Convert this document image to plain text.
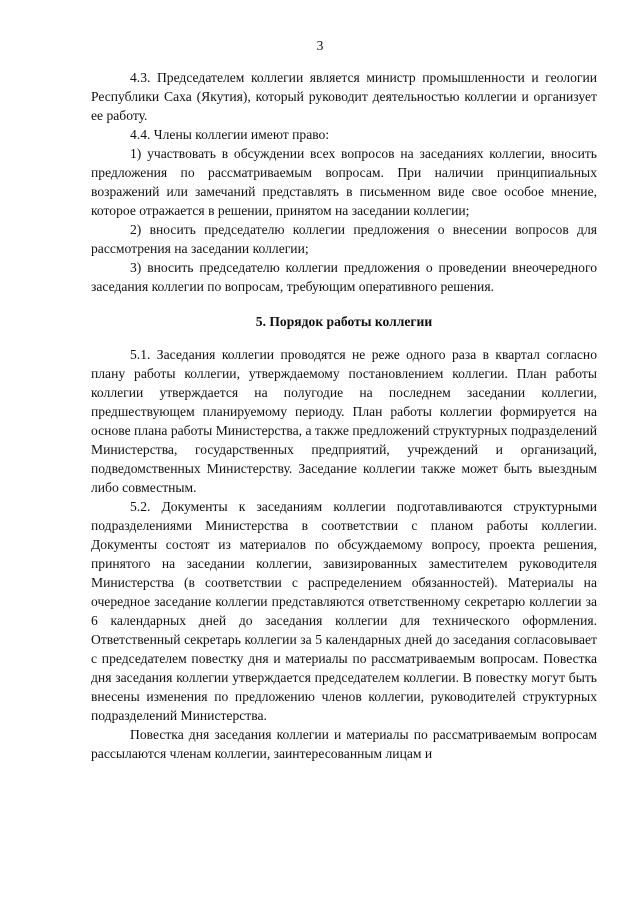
3

4.3. Председателем коллегии является министр промышленности и геологии Республики Саха (Якутия), который руководит деятельностью коллегии и организует ее работу.

4.4. Члены коллегии имеют право:

1) участвовать в обсуждении всех вопросов на заседаниях коллегии, вносить предложения по рассматриваемым вопросам. При наличии принципиальных возражений или замечаний представлять в письменном виде свое особое мнение, которое отражается в решении, принятом на заседании коллегии;

2) вносить председателю коллегии предложения о внесении вопросов для рассмотрения на заседании коллегии;

3) вносить председателю коллегии предложения о проведении внеочередного заседания коллегии по вопросам, требующим оперативного решения.

5. Порядок работы коллегии

5.1. Заседания коллегии проводятся не реже одного раза в квартал согласно плану работы коллегии, утверждаемому постановлением коллегии. План работы коллегии утверждается на полугодие на последнем заседании коллегии, предшествующем планируемому периоду. План работы коллегии формируется на основе плана работы Министерства, а также предложений структурных подразделений Министерства, государственных предприятий, учреждений и организаций, подведомственных Министерству. Заседание коллегии также может быть выездным либо совместным.

5.2. Документы к заседаниям коллегии подготавливаются структурными подразделениями Министерства в соответствии с планом работы коллегии. Документы состоят из материалов по обсуждаемому вопросу, проекта решения, принятого на заседании коллегии, завизированных заместителем руководителя Министерства (в соответствии с распределением обязанностей). Материалы на очередное заседание коллегии представляются ответственному секретарю коллегии за 6 календарных дней до заседания коллегии для технического оформления. Ответственный секретарь коллегии за 5 календарных дней до заседания согласовывает с председателем повестку дня и материалы по рассматриваемым вопросам. Повестка дня заседания коллегии утверждается председателем коллегии. В повестку могут быть внесены изменения по предложению членов коллегии, руководителей структурных подразделений Министерства.

Повестка дня заседания коллегии и материалы по рассматриваемым вопросам рассылаются членам коллегии, заинтересованным лицам и
